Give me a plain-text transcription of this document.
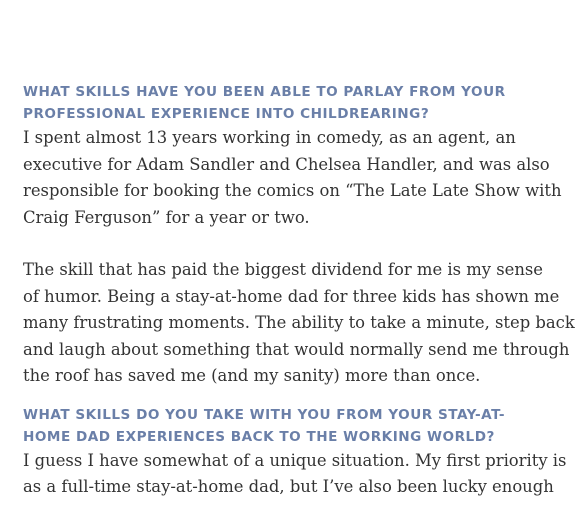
WHAT SKILLS HAVE YOU BEEN ABLE TO PARLAY FROM YOUR
PROFESSIONAL EXPERIENCE INTO CHILDREARING?

I spent almost 13 years working in comedy, as an agent, an
executive for Adam Sandler and Chelsea Handler, and was also
responsible for booking the comics on “The Late Late Show with
Craig Ferguson” for a year or two.

The skill that has paid the biggest dividend for me is my sense
of humor. Being a stay-at-home dad for three kids has shown me
many frustrating moments. The ability to take a minute, step back
and laugh about something that would normally send me through
the roof has saved me (and my sanity) more than once.

WHAT SKILLS DO YOU TAKE WITH YOU FROM YOUR STAY-AT-
HOME DAD EXPERIENCES BACK TO THE WORKING WORLD?

I guess I have somewhat of a unique situation. My first priority is
as a full-time stay-at-home dad, but I’ve also been lucky enough
